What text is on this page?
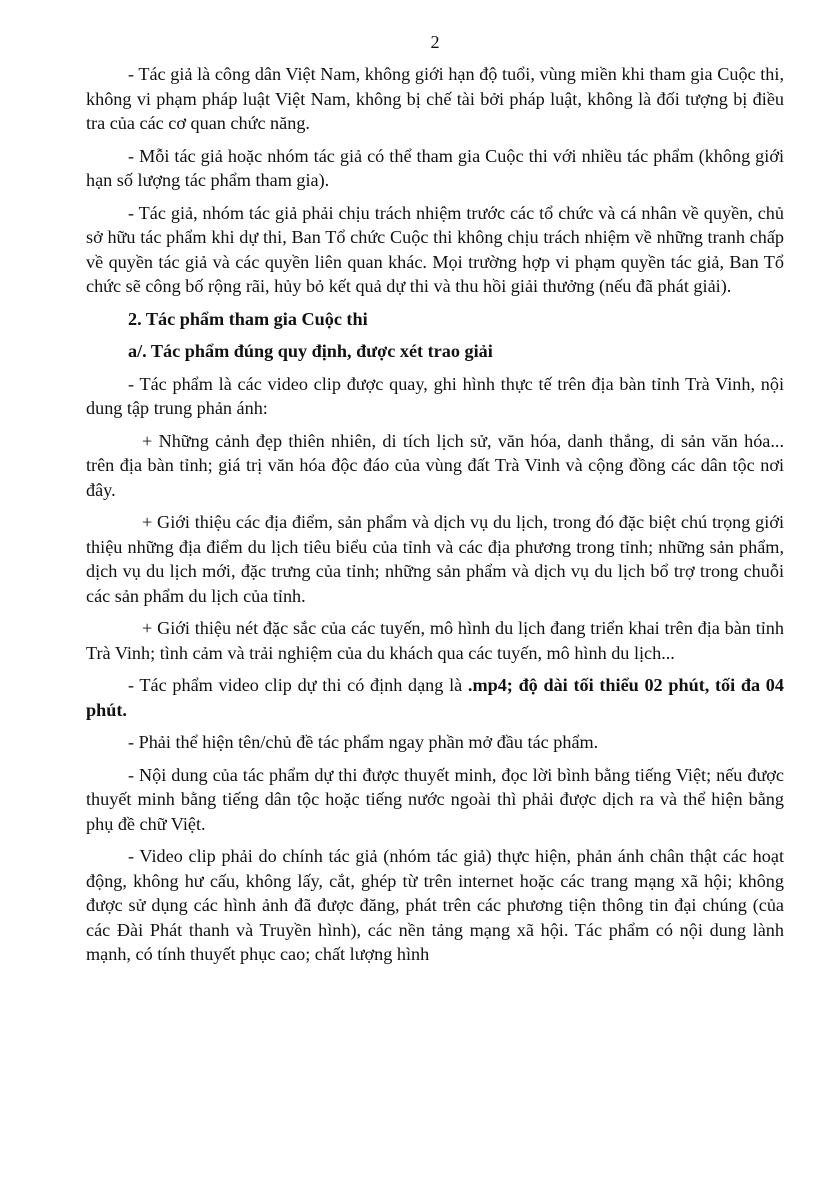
2

- Tác giả là công dân Việt Nam, không giới hạn độ tuổi, vùng miền khi tham gia Cuộc thi, không vi phạm pháp luật Việt Nam, không bị chế tài bởi pháp luật, không là đối tượng bị điều tra của các cơ quan chức năng.

- Mỗi tác giả hoặc nhóm tác giả có thể tham gia Cuộc thi với nhiều tác phẩm (không giới hạn số lượng tác phẩm tham gia).

- Tác giả, nhóm tác giả phải chịu trách nhiệm trước các tổ chức và cá nhân về quyền, chủ sở hữu tác phẩm khi dự thi, Ban Tổ chức Cuộc thi không chịu trách nhiệm về những tranh chấp về quyền tác giả và các quyền liên quan khác. Mọi trường hợp vi phạm quyền tác giả, Ban Tổ chức sẽ công bố rộng rãi, hủy bỏ kết quả dự thi và thu hồi giải thưởng (nếu đã phát giải).

2. Tác phẩm tham gia Cuộc thi

a/. Tác phẩm đúng quy định, được xét trao giải

- Tác phẩm là các video clip được quay, ghi hình thực tế trên địa bàn tỉnh Trà Vinh, nội dung tập trung phản ánh:

+ Những cảnh đẹp thiên nhiên, di tích lịch sử, văn hóa, danh thắng, di sản văn hóa... trên địa bàn tỉnh; giá trị văn hóa độc đáo của vùng đất Trà Vinh và cộng đồng các dân tộc nơi đây.

+ Giới thiệu các địa điểm, sản phẩm và dịch vụ du lịch, trong đó đặc biệt chú trọng giới thiệu những địa điểm du lịch tiêu biểu của tỉnh và các địa phương trong tỉnh; những sản phẩm, dịch vụ du lịch mới, đặc trưng của tỉnh; những sản phẩm và dịch vụ du lịch bổ trợ trong chuỗi các sản phẩm du lịch của tỉnh.

+ Giới thiệu nét đặc sắc của các tuyến, mô hình du lịch đang triển khai trên địa bàn tỉnh Trà Vinh; tình cảm và trải nghiệm của du khách qua các tuyến, mô hình du lịch...

- Tác phẩm video clip dự thi có định dạng là .mp4; độ dài tối thiểu 02 phút, tối đa 04 phút.

- Phải thể hiện tên/chủ đề tác phẩm ngay phần mở đầu tác phẩm.

- Nội dung của tác phẩm dự thi được thuyết minh, đọc lời bình bằng tiếng Việt; nếu được thuyết minh bằng tiếng dân tộc hoặc tiếng nước ngoài thì phải được dịch ra và thể hiện bằng phụ đề chữ Việt.

- Video clip phải do chính tác giả (nhóm tác giả) thực hiện, phản ánh chân thật các hoạt động, không hư cấu, không lấy, cắt, ghép từ trên internet hoặc các trang mạng xã hội; không được sử dụng các hình ảnh đã được đăng, phát trên các phương tiện thông tin đại chúng (của các Đài Phát thanh và Truyền hình), các nền tảng mạng xã hội. Tác phẩm có nội dung lành mạnh, có tính thuyết phục cao; chất lượng hình
